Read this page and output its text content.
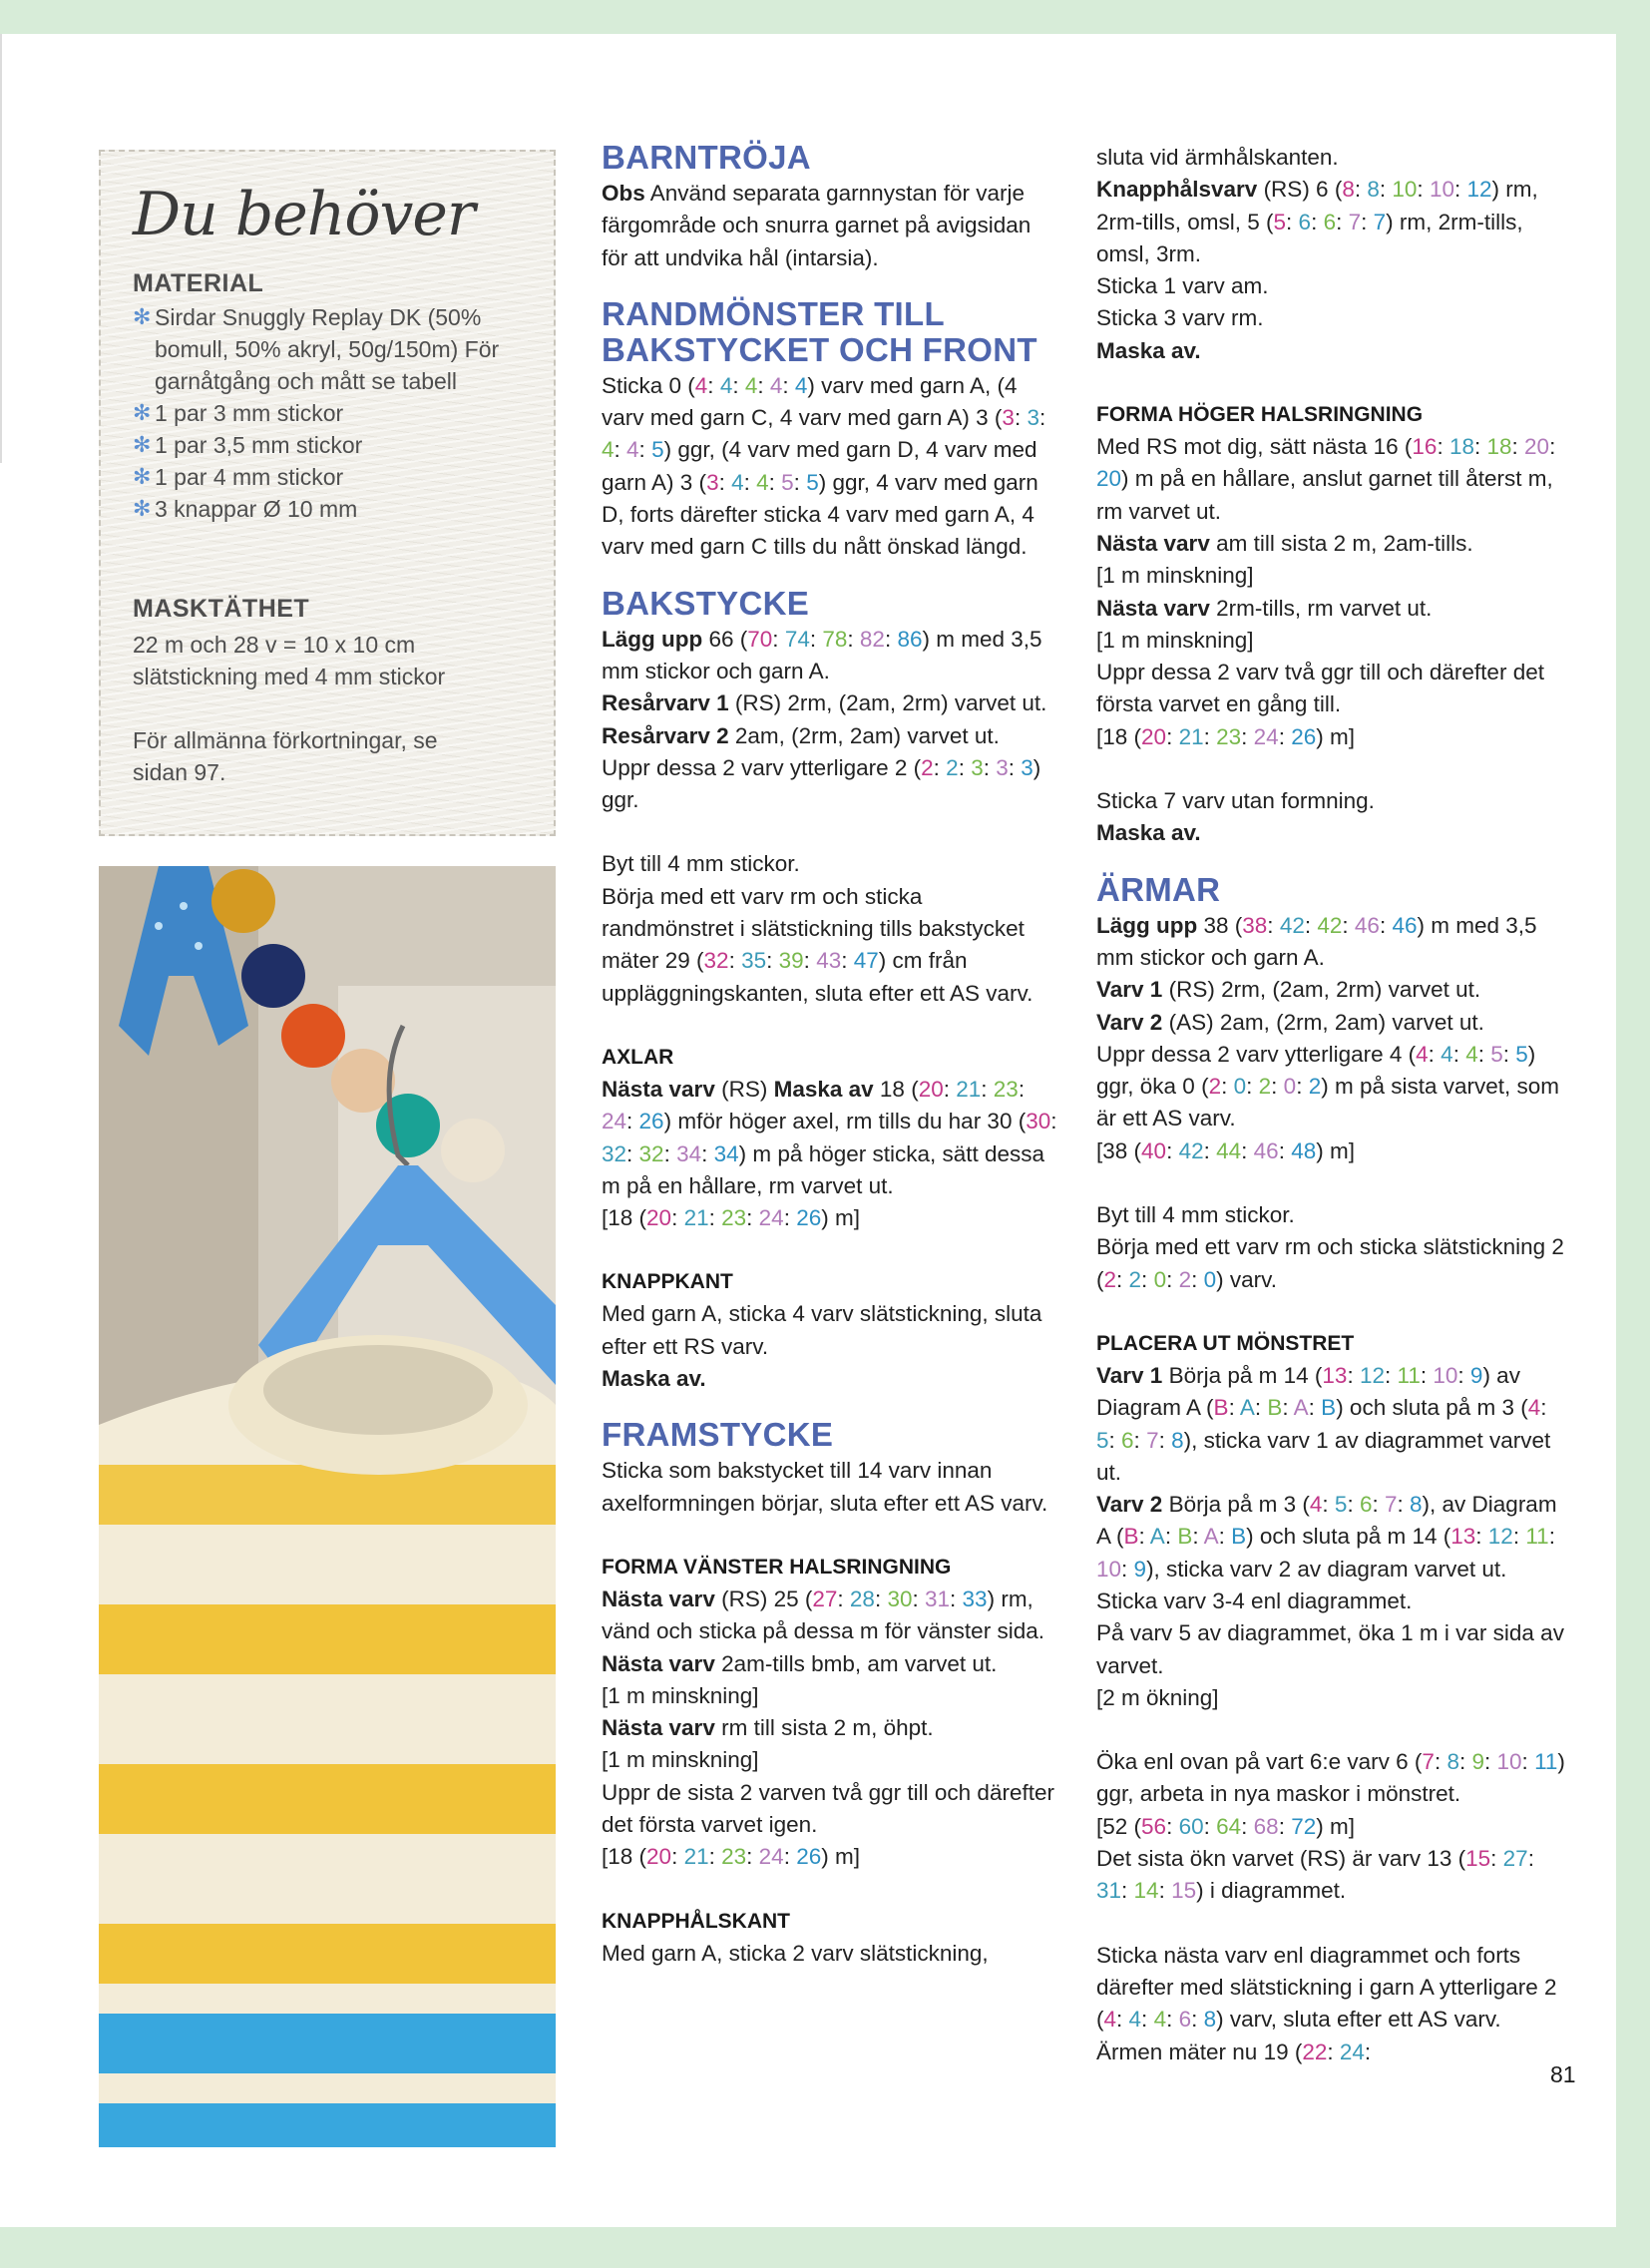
Du behöver
MATERIAL
✻ Sirdar Snuggly Replay DK (50% bomull, 50% akryl, 50g/150m) För garnåtgång och mått se tabell
✻ 1 par 3 mm stickor
✻ 1 par 3,5 mm stickor
✻ 1 par 4 mm stickor
✻ 3 knappar Ø 10 mm
MASKTÄTHET
22 m och 28 v = 10 x 10 cm slätstickning med 4 mm stickor
För allmänna förkortningar, se sidan 97.
BARNTRÖJA

Obs Använd separata garnnystan för varje färgområde och snurra garnet på avigsidan för att undvika hål (intarsia).

RANDMÖNSTER TILL BAKSTYCKET OCH FRONT

Sticka 0 (4: 4: 4: 4: 4) varv med garn A, (4 varv med garn C, 4 varv med garn A) 3 (3: 3: 4: 4: 5) ggr, (4 varv med garn D, 4 varv med garn A) 3 (3: 4: 4: 5: 5) ggr, 4 varv med garn D, forts därefter sticka 4 varv med garn A, 4 varv med garn C tills du nått önskad längd.

BAKSTYCKE

Lägg upp 66 (70: 74: 78: 82: 86) m med 3,5 mm stickor och garn A.

Resårvarv 1 (RS) 2rm, (2am, 2rm) varvet ut.

Resårvarv 2 2am, (2rm, 2am) varvet ut.

Uppr dessa 2 varv ytterligare 2 (2: 2: 3: 3: 3) ggr.

Byt till 4 mm stickor.

Börja med ett varv rm och sticka randmönstret i slätstickning tills bakstycket mäter 29 (32: 35: 39: 43: 47) cm från uppläggningskanten, sluta efter ett AS varv.

AXLAR

Nästa varv (RS) Maska av 18 (20: 21: 23: 24: 26) mför höger axel, rm tills du har 30 (30: 32: 32: 34: 34) m på höger sticka, sätt dessa m på en hållare, rm varvet ut.

[18 (20: 21: 23: 24: 26) m]

KNAPPKANT

Med garn A, sticka 4 varv slätstickning, sluta efter ett RS varv.

Maska av.

FRAMSTYCKE

Sticka som bakstycket till 14 varv innan axelformningen börjar, sluta efter ett AS varv.

FORMA VÄNSTER HALSRINGNING

Nästa varv (RS) 25 (27: 28: 30: 31: 33) rm, vänd och sticka på dessa m för vänster sida.

Nästa varv 2am-tills bmb, am varvet ut.

[1 m minskning]

Nästa varv rm till sista 2 m, öhpt.

[1 m minskning]

Uppr de sista 2 varven två ggr till och därefter det första varvet igen.

[18 (20: 21: 23: 24: 26) m]

KNAPPHÅLSKANT

Med garn A, sticka 2 varv slätstickning,

sluta vid ärmhålskanten.

Knapphålsvarv (RS) 6 (8: 8: 10: 10: 12) rm, 2rm-tills, omsl, 5 (5: 6: 6: 7: 7) rm, 2rm-tills, omsl, 3rm.

Sticka 1 varv am.

Sticka 3 varv rm.

Maska av.

FORMA HÖGER HALSRINGNING

Med RS mot dig, sätt nästa 16 (16: 18: 18: 20: 20) m på en hållare, anslut garnet till återst m, rm varvet ut.

Nästa varv am till sista 2 m, 2am-tills.

[1 m minskning]

Nästa varv 2rm-tills, rm varvet ut.

[1 m minskning]

Uppr dessa 2 varv två ggr till och därefter det första varvet en gång till.

[18 (20: 21: 23: 24: 26) m]

Sticka 7 varv utan formning.

Maska av.

ÄRMAR

Lägg upp 38 (38: 42: 42: 46: 46) m med 3,5 mm stickor och garn A.

Varv 1 (RS) 2rm, (2am, 2rm) varvet ut.

Varv 2 (AS) 2am, (2rm, 2am) varvet ut.

Uppr dessa 2 varv ytterligare 4 (4: 4: 4: 5: 5) ggr, öka 0 (2: 0: 2: 0: 2) m på sista varvet, som är ett AS varv.

[38 (40: 42: 44: 46: 48) m]

Byt till 4 mm stickor.

Börja med ett varv rm och sticka slätstickning 2 (2: 2: 0: 2: 0) varv.

PLACERA UT MÖNSTRET

Varv 1 Börja på m 14 (13: 12: 11: 10: 9) av Diagram A (B: A: B: A: B) och sluta på m 3 (4: 5: 6: 7: 8), sticka varv 1 av diagrammet varvet ut.

Varv 2 Börja på m 3 (4: 5: 6: 7: 8), av Diagram A (B: A: B: A: B) och sluta på m 14 (13: 12: 11: 10: 9), sticka varv 2 av diagram varvet ut.

Sticka varv 3-4 enl diagrammet.

På varv 5 av diagrammet, öka 1 m i var sida av varvet.

[2 m ökning]

Öka enl ovan på vart 6:e varv 6 (7: 8: 9: 10: 11) ggr, arbeta in nya maskor i mönstret.

[52 (56: 60: 64: 68: 72) m]

Det sista ökn varvet (RS) är varv 13 (15: 27: 31: 14: 15) i diagrammet.

Sticka nästa varv enl diagrammet och forts därefter med slätstickning i garn A ytterligare 2 (4: 4: 4: 6: 8) varv, sluta efter ett AS varv. Ärmen mäter nu 19 (22: 24:

81
